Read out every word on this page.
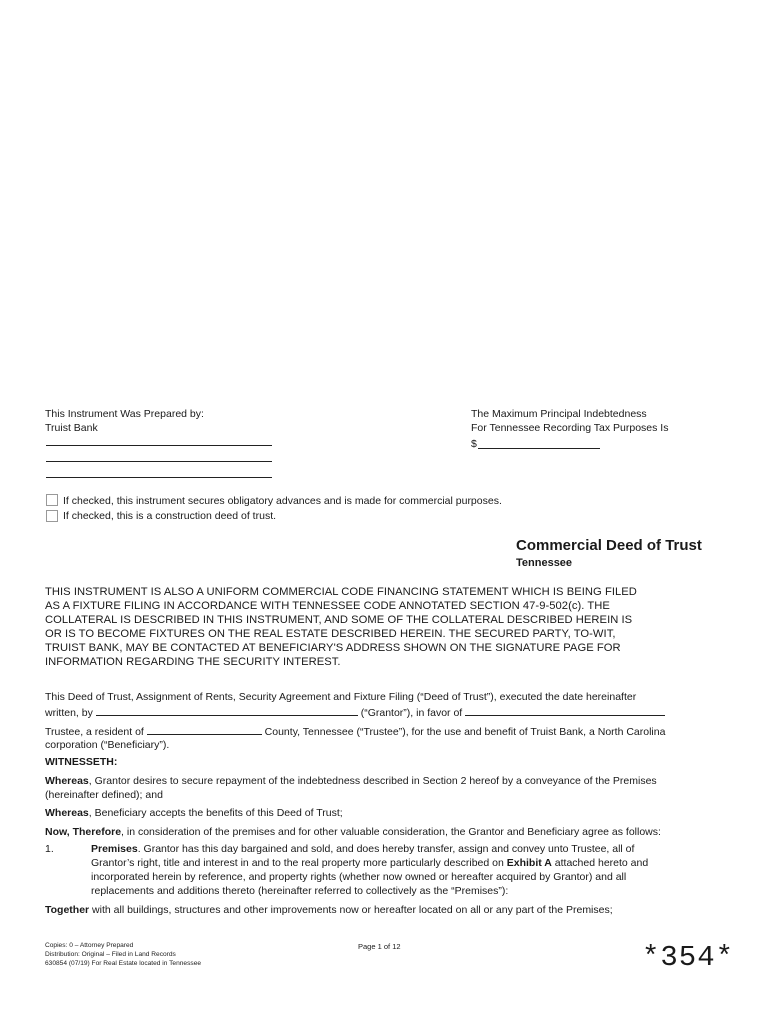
This Instrument Was Prepared by:
Truist Bank
The Maximum Principal Indebtedness
For Tennessee Recording Tax Purposes Is
$
If checked, this instrument secures obligatory advances and is made for commercial purposes.
If checked, this is a construction deed of trust.
Commercial Deed of Trust
Tennessee
THIS INSTRUMENT IS ALSO A UNIFORM COMMERCIAL CODE FINANCING STATEMENT WHICH IS BEING FILED
AS A FIXTURE FILING IN ACCORDANCE WITH TENNESSEE CODE ANNOTATED SECTION 47-9-502(c). THE
COLLATERAL IS DESCRIBED IN THIS INSTRUMENT, AND SOME OF THE COLLATERAL DESCRIBED HEREIN IS
OR IS TO BECOME FIXTURES ON THE REAL ESTATE DESCRIBED HEREIN. THE SECURED PARTY, TO-WIT,
TRUIST BANK, MAY BE CONTACTED AT BENEFICIARY'S ADDRESS SHOWN ON THE SIGNATURE PAGE FOR
INFORMATION REGARDING THE SECURITY INTEREST.
This Deed of Trust, Assignment of Rents, Security Agreement and Fixture Filing (“Deed of Trust”), executed the date hereinafter
written, by	(“Grantor”), in favor of
Trustee, a resident of	County, Tennessee (“Trustee”), for the use and benefit of Truist Bank, a North Carolina
corporation (“Beneficiary”).
WITNESSETH:
Whereas, Grantor desires to secure repayment of the indebtedness described in Section 2 hereof by a conveyance of the Premises
(hereinafter defined); and
Whereas, Beneficiary accepts the benefits of this Deed of Trust;
Now, Therefore, in consideration of the premises and for other valuable consideration, the Grantor and Beneficiary agree as follows:
1.	Premises. Grantor has this day bargained and sold, and does hereby transfer, assign and convey unto Trustee, all of
Grantor’s right, title and interest in and to the real property more particularly described on Exhibit A attached hereto and
incorporated herein by reference, and property rights (whether now owned or hereafter acquired by Grantor) and all
replacements and additions thereto (hereinafter referred to collectively as the “Premises”):
Together with all buildings, structures and other improvements now or hereafter located on all or any part of the Premises;
Copies: 0 – Attorney Prepared
Distribution: Original – Filed in Land Records
630854 (07/19) For Real Estate located in Tennessee
Page 1 of 12	*354*
